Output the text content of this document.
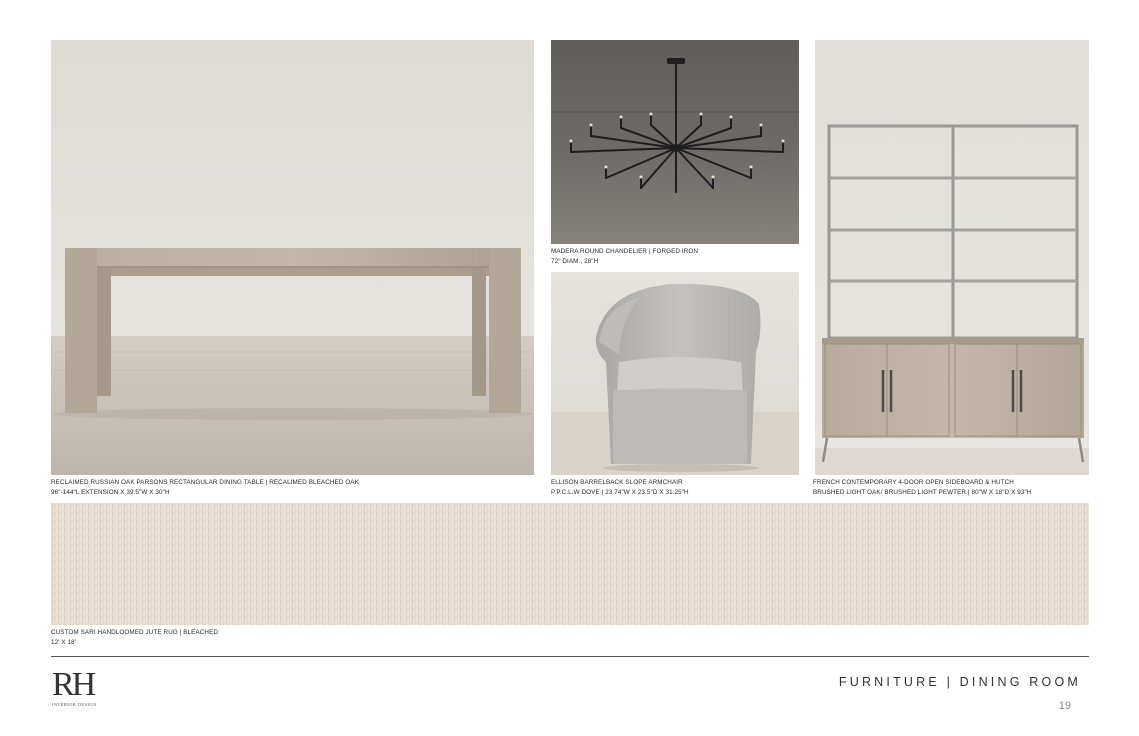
RECLAIMED RUSSIAN OAK PARSONS RECTANGULAR DINING TABLE | RECALIMED BLEACHED OAK
96"-144"L EXTENSION X 39.5"W X 30"H
MADERA ROUND CHANDELIER | FORGED IRON
72" DIAM., 28"H
ELLISON BARRELBACK SLOPE ARMCHAIR
P.P.C.L.W DOVE | 23.74"W X 23.5"D X 31.25"H
FRENCH CONTEMPORARY 4-DOOR OPEN SIDEBOARD & HUTCH
BRUSHED LIGHT OAK/ BRUSHED LIGHT PEWTER | 80"W X 18"D X 93"H
CUSTOM SARI HANDLOOMED JUTE RUG | BLEACHED
12' X 18'
RH
INTERIOR DESIGN
FURNITURE | DINING ROOM
19
